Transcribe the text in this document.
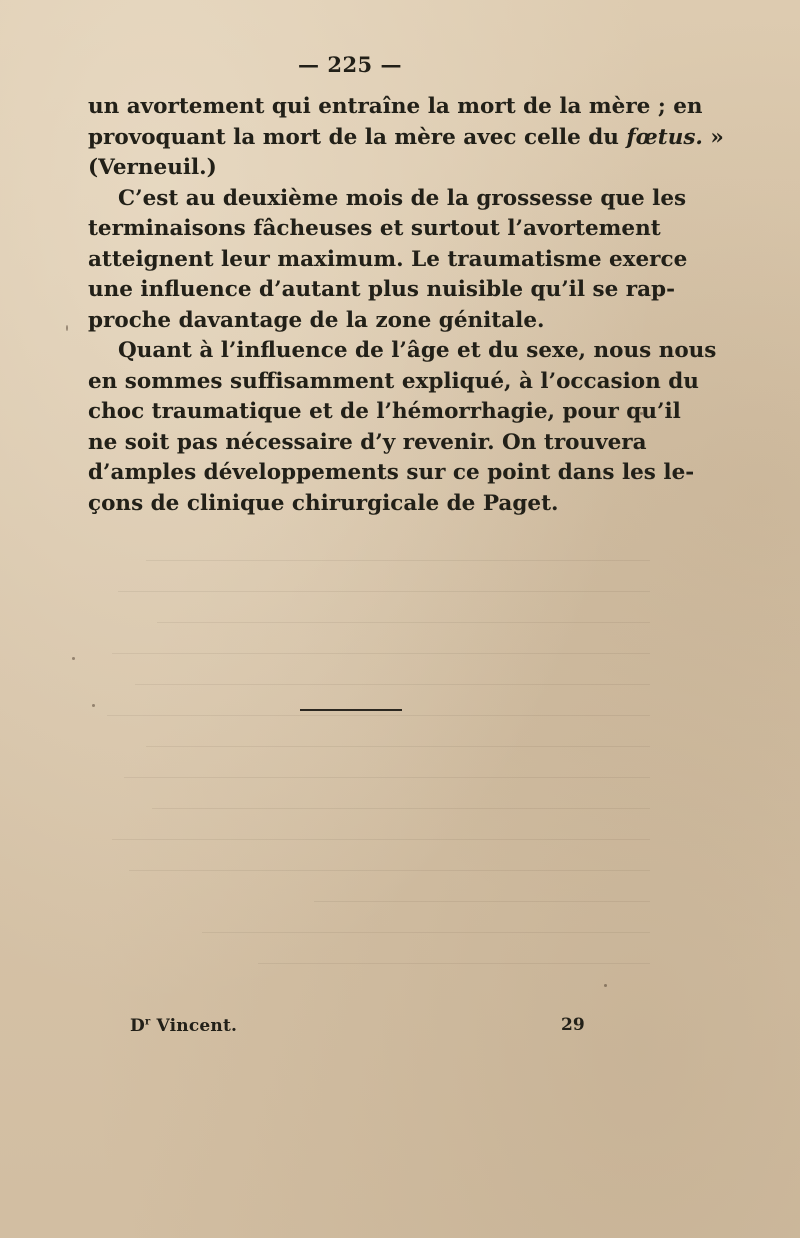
— 225 —
un avortement qui entraîne la mort de la mère ; en
provoquant la mort de la mère avec celle du fœtus. »
(Verneuil.)
C’est au deuxième mois de la grossesse que les
terminaisons fâcheuses et surtout l’avortement
atteignent leur maximum. Le traumatisme exerce
une influence d’autant plus nuisible qu’il se rap-
proche davantage de la zone génitale.
Quant à l’influence de l’âge et du sexe, nous nous
en sommes suffisamment expliqué, à l’occasion du
choc traumatique et de l’hémorrhagie, pour qu’il
ne soit pas nécessaire d’y revenir. On trouvera
d’amples développements sur ce point dans les le-
çons de clinique chirurgicale de Paget.
$D^r$ Vincent.	29
